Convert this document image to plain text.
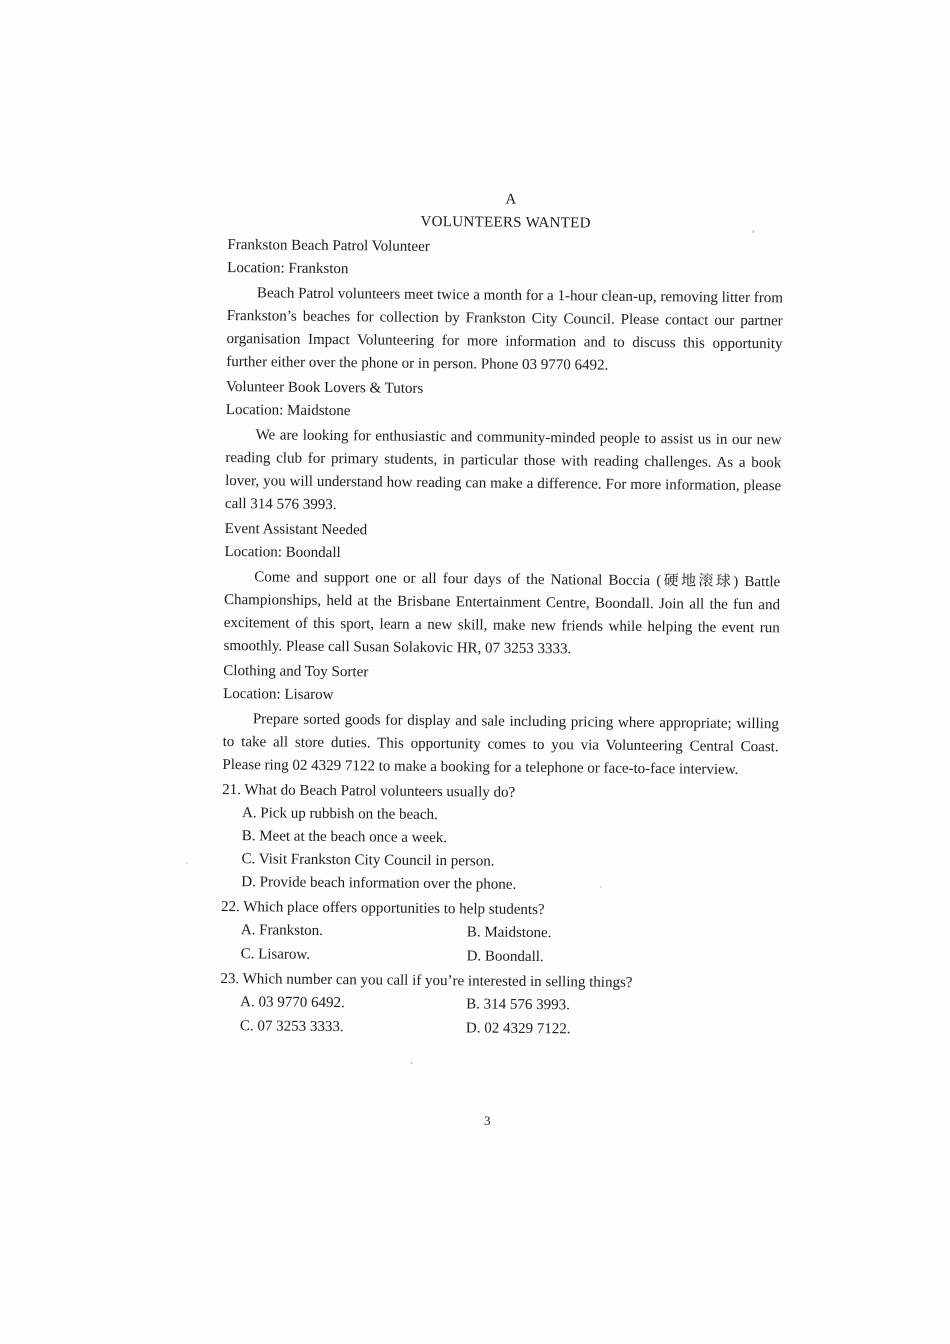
A
VOLUNTEERS WANTED
Frankston Beach Patrol Volunteer
Location: Frankston
Beach Patrol volunteers meet twice a month for a 1-hour clean-up, removing litter from Frankston’s beaches for collection by Frankston City Council. Please contact our partner organisation Impact Volunteering for more information and to discuss this opportunity further either over the phone or in person. Phone 03 9770 6492.
Volunteer Book Lovers & Tutors
Location: Maidstone
We are looking for enthusiastic and community-minded people to assist us in our new reading club for primary students, in particular those with reading challenges. As a book lover, you will understand how reading can make a difference. For more information, please call 314 576 3993.
Event Assistant Needed
Location: Boondall
Come and support one or all four days of the National Boccia (硬地滚球) Battle Championships, held at the Brisbane Entertainment Centre, Boondall. Join all the fun and excitement of this sport, learn a new skill, make new friends while helping the event run smoothly. Please call Susan Solakovic HR, 07 3253 3333.
Clothing and Toy Sorter
Location: Lisarow
Prepare sorted goods for display and sale including pricing where appropriate; willing to take all store duties. This opportunity comes to you via Volunteering Central Coast. Please ring 02 4329 7122 to make a booking for a telephone or face-to-face interview.
21. What do Beach Patrol volunteers usually do?
A. Pick up rubbish on the beach.
B. Meet at the beach once a week.
C. Visit Frankston City Council in person.
D. Provide beach information over the phone.
22. Which place offers opportunities to help students?
A. Frankston.	B. Maidstone.
C. Lisarow.	D. Boondall.
23. Which number can you call if you’re interested in selling things?
A. 03 9770 6492.	B. 314 576 3993.
C. 07 3253 3333.	D. 02 4329 7122.
3
